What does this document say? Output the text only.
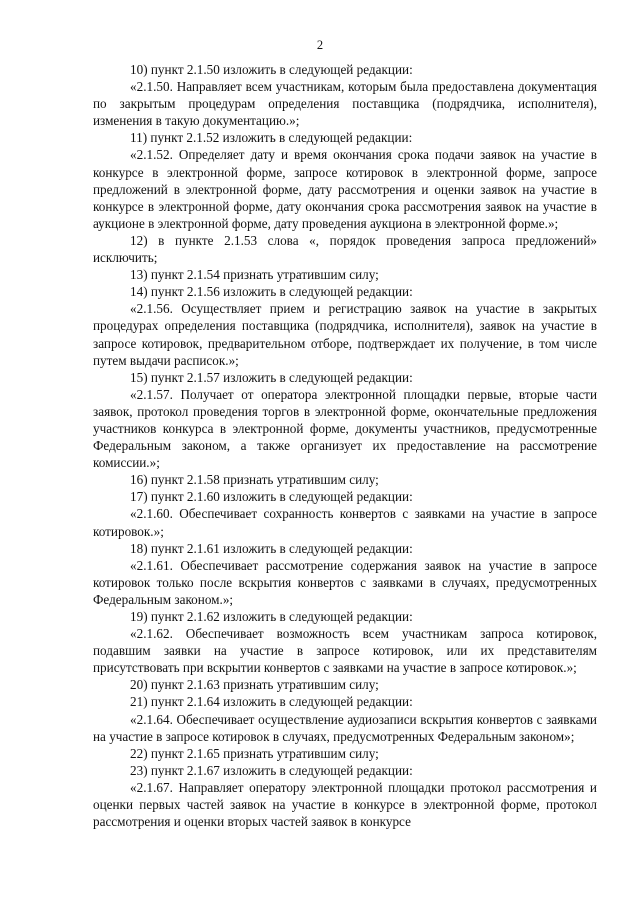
2

10) пункт 2.1.50 изложить в следующей редакции:

«2.1.50. Направляет всем участникам, которым была предоставлена документация по закрытым процедурам определения поставщика (подрядчика, исполнителя), изменения в такую документацию.»;

11) пункт 2.1.52 изложить в следующей редакции:

«2.1.52. Определяет дату и время окончания срока подачи заявок на участие в конкурсе в электронной форме, запросе котировок в электронной форме, запросе предложений в электронной форме, дату рассмотрения и оценки заявок на участие в конкурсе в электронной форме, дату окончания срока рассмотрения заявок на участие в аукционе в электронной форме, дату проведения аукциона в электронной форме.»;

12) в пункте 2.1.53 слова «, порядок проведения запроса предложений» исключить;

13) пункт 2.1.54 признать утратившим силу;

14) пункт 2.1.56 изложить в следующей редакции:

«2.1.56. Осуществляет прием и регистрацию заявок на участие в закрытых процедурах определения поставщика (подрядчика, исполнителя), заявок на участие в запросе котировок, предварительном отборе, подтверждает их получение, в том числе путем выдачи расписок.»;

15) пункт 2.1.57 изложить в следующей редакции:

«2.1.57. Получает от оператора электронной площадки первые, вторые части заявок, протокол проведения торгов в электронной форме, окончательные предложения участников конкурса в электронной форме, документы участников, предусмотренные Федеральным законом, а также организует их предоставление на рассмотрение комиссии.»;

16) пункт 2.1.58 признать утратившим силу;

17) пункт 2.1.60 изложить в следующей редакции:

«2.1.60. Обеспечивает сохранность конвертов с заявками на участие в запросе котировок.»;

18) пункт 2.1.61 изложить в следующей редакции:

«2.1.61. Обеспечивает рассмотрение содержания заявок на участие в запросе котировок только после вскрытия конвертов с заявками в случаях, предусмотренных Федеральным законом.»;

19) пункт 2.1.62 изложить в следующей редакции:

«2.1.62. Обеспечивает возможность всем участникам запроса котировок, подавшим заявки на участие в запросе котировок, или их представителям присутствовать при вскрытии конвертов с заявками на участие в запросе котировок.»;

20) пункт 2.1.63 признать утратившим силу;

21) пункт 2.1.64 изложить в следующей редакции:

«2.1.64. Обеспечивает осуществление аудиозаписи вскрытия конвертов с заявками на участие в запросе котировок в случаях, предусмотренных Федеральным законом»;

22) пункт 2.1.65 признать утратившим силу;

23) пункт 2.1.67 изложить в следующей редакции:

«2.1.67. Направляет оператору электронной площадки протокол рассмотрения и оценки первых частей заявок на участие в конкурсе в электронной форме, протокол рассмотрения и оценки вторых частей заявок в конкурсе
